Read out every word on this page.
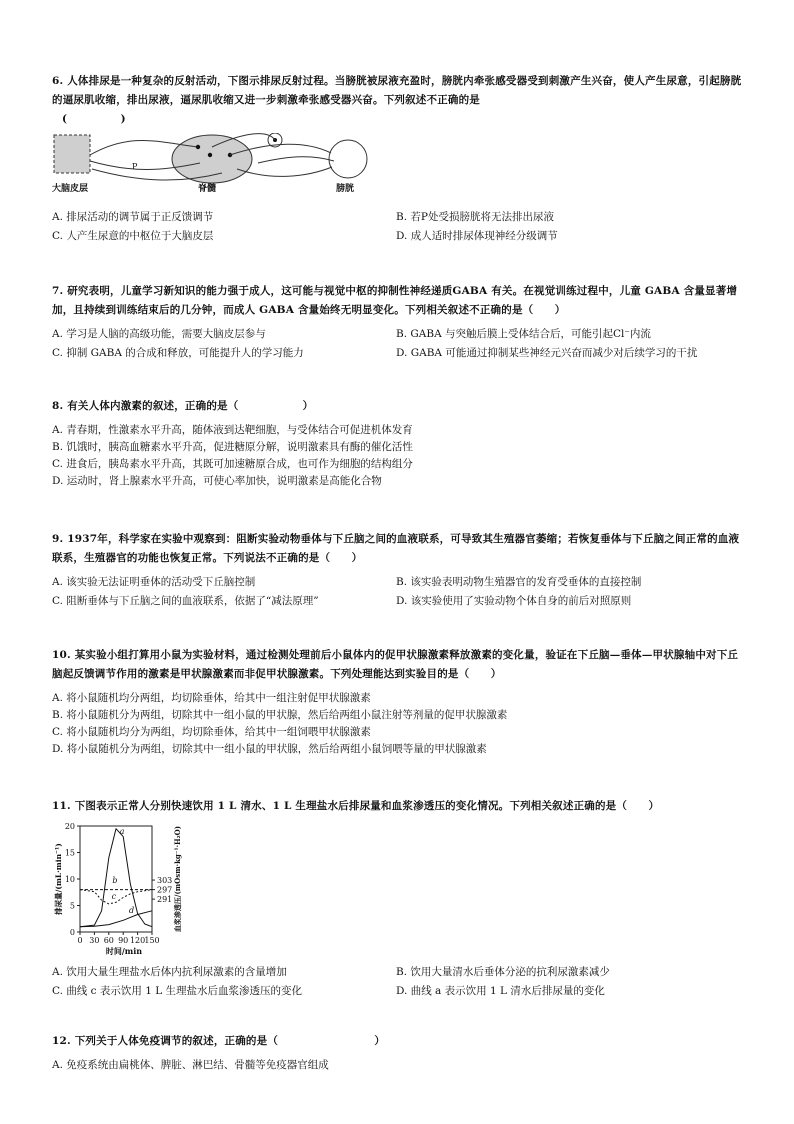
6. 人体排尿是一种复杂的反射活动，下图示排尿反射过程。当膀胱被尿液充盈时，膀胱内牵张感受器受到刺激产生兴奋，使人产生尿意，引起膀胱的逼尿肌收缩，排出尿液，逼尿肌收缩又进一步刺激牵张感受器兴奋。下列叙述不正确的是

(　　　　　)

P
大脑皮层	脊髓	膀胱
A. 排尿活动的调节属于正反馈调节	B. 若P处受损膀胱将无法排出尿液
C. 人产生尿意的中枢位于大脑皮层	D. 成人适时排尿体现神经分级调节

7. 研究表明，儿童学习新知识的能力强于成人，这可能与视觉中枢的抑制性神经递质GABA 有关。在视觉训练过程中，儿童 GABA 含量显著增加，且持续到训练结束后的几分钟，而成人 GABA 含量始终无明显变化。下列相关叙述不正确的是（　　）

A. 学习是人脑的高级功能，需要大脑皮层参与	B. GABA 与突触后膜上受体结合后，可能引起Cl⁻内流
C. 抑制 GABA 的合成和释放，可能提升人的学习能力	D. GABA 可能通过抑制某些神经元兴奋而减少对后续学习的干扰

8. 有关人体内激素的叙述，正确的是（　　　　　　）

A. 青春期，性激素水平升高，随体液到达靶细胞，与受体结合可促进机体发育
B. 饥饿时，胰高血糖素水平升高，促进糖原分解，说明激素具有酶的催化活性
C. 进食后，胰岛素水平升高，其既可加速糖原合成，也可作为细胞的结构组分
D. 运动时，肾上腺素水平升高，可使心率加快，说明激素是高能化合物

9. 1937年，科学家在实验中观察到：阻断实验动物垂体与下丘脑之间的血液联系，可导致其生殖器官萎缩；若恢复垂体与下丘脑之间正常的血液联系，生殖器官的功能也恢复正常。下列说法不正确的是（　　）

A. 该实验无法证明垂体的活动受下丘脑控制	B. 该实验表明动物生殖器官的发育受垂体的直接控制
C. 阻断垂体与下丘脑之间的血液联系，依据了“减法原理”	D. 该实验使用了实验动物个体自身的前后对照原则

10. 某实验小组打算用小鼠为实验材料，通过检测处理前后小鼠体内的促甲状腺激素释放激素的变化量，验证在下丘脑—垂体—甲状腺轴中对下丘脑起反馈调节作用的激素是甲状腺激素而非促甲状腺激素。下列处理能达到实验目的是（　　）

A. 将小鼠随机均分两组，均切除垂体，给其中一组注射促甲状腺激素
B. 将小鼠随机分为两组，切除其中一组小鼠的甲状腺，然后给两组小鼠注射等剂量的促甲状腺激素
C. 将小鼠随机均分为两组，均切除垂体，给其中一组饲喂甲状腺激素
D. 将小鼠随机分为两组，切除其中一组小鼠的甲状腺，然后给两组小鼠饲喂等量的甲状腺激素

11. 下图表示正常人分别快速饮用 1 L 清水、1 L 生理盐水后排尿量和血浆渗透压的变化情况。下列相关叙述正确的是（　　）

0
5
10
15
20
0 30 60 90 120 150
291
297
303
时间/min
排尿量/(mL·min⁻¹)	血浆渗透压/(mOsm·kg⁻¹·H₂O)
a
b
c
d
A. 饮用大量生理盐水后体内抗利尿激素的含量增加	B. 饮用大量清水后垂体分泌的抗利尿激素减少
C. 曲线 c 表示饮用 1 L 生理盐水后血浆渗透压的变化	D. 曲线 a 表示饮用 1 L 清水后排尿量的变化

12. 下列关于人体免疫调节的叙述，正确的是（　　　　　　　　　）

A. 免疫系统由扁桃体、脾脏、淋巴结、骨髓等免疫器官组成
